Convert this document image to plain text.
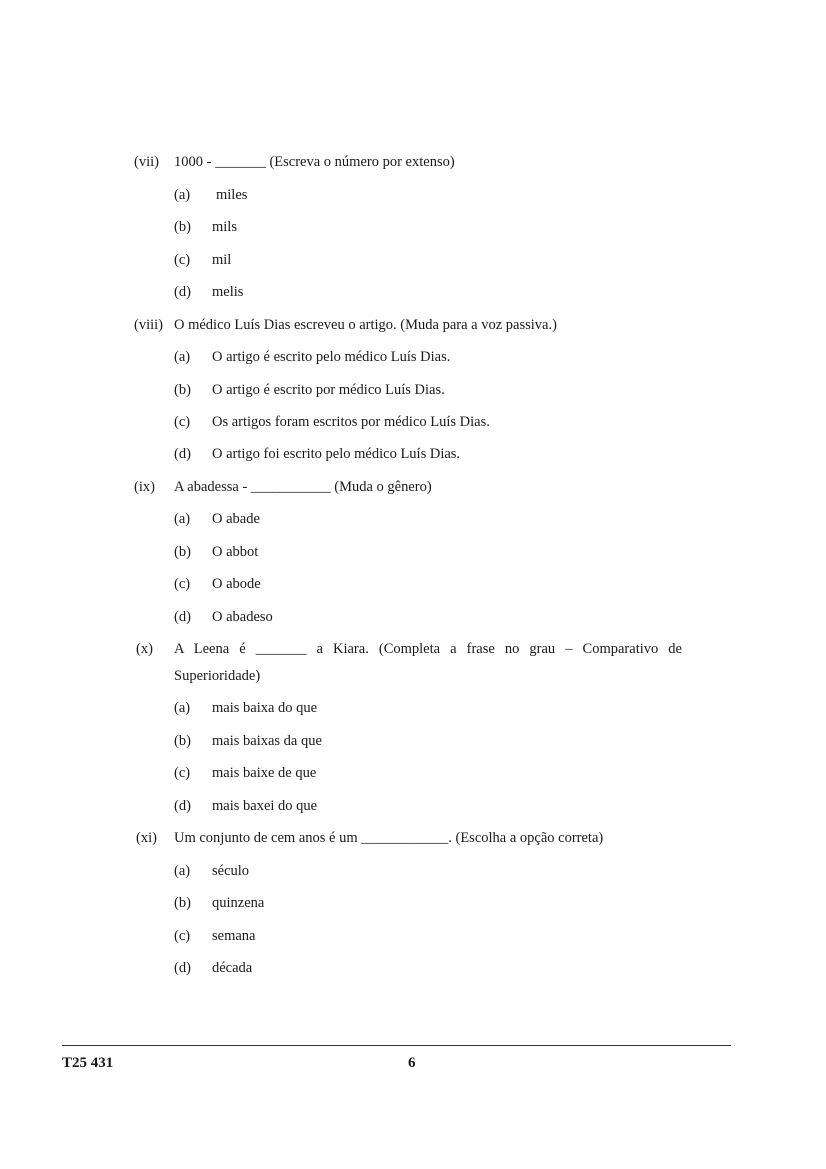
(vii) 1000 - _______ (Escreva o número por extenso)
(a) miles
(b) mils
(c) mil
(d) melis
(viii) O médico Luís Dias escreveu o artigo. (Muda para a voz passiva.)
(a) O artigo é escrito pelo médico Luís Dias.
(b) O artigo é escrito por médico Luís Dias.
(c) Os artigos foram escritos por médico Luís Dias.
(d) O artigo foi escrito pelo médico Luís Dias.
(ix) A abadessa - ___________ (Muda o gênero)
(a) O abade
(b) O abbot
(c) O abode
(d) O abadeso
(x) A Leena é _______ a Kiara. (Completa a frase no grau – Comparativo de Superioridade)
(a) mais baixa do que
(b) mais baixas da que
(c) mais baixe de que
(d) mais baxei do que
(xi) Um conjunto de cem anos é um ____________. (Escolha a opção correta)
(a) século
(b) quinzena
(c) semana
(d) década
T25 431	6
